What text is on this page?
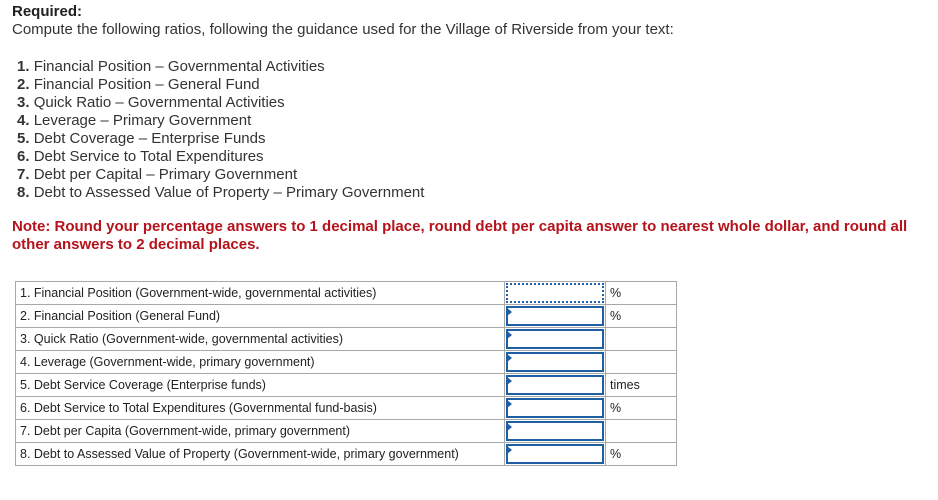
Required:
Compute the following ratios, following the guidance used for the Village of Riverside from your text:
1. Financial Position – Governmental Activities
2. Financial Position – General Fund
3. Quick Ratio – Governmental Activities
4. Leverage – Primary Government
5. Debt Coverage – Enterprise Funds
6. Debt Service to Total Expenditures
7. Debt per Capital – Primary Government
8. Debt to Assessed Value of Property – Primary Government
Note: Round your percentage answers to 1 decimal place, round debt per capita answer to nearest whole dollar, and round all other answers to 2 decimal places.
1. Financial Position (Government-wide, governmental activities)		%
2. Financial Position (General Fund)		%
3. Quick Ratio (Government-wide, governmental activities)	

4. Leverage (Government-wide, primary government)	

5. Debt Service Coverage (Enterprise funds)		times
6. Debt Service to Total Expenditures (Governmental fund-basis)		%
7. Debt per Capita (Government-wide, primary government)	

8. Debt to Assessed Value of Property (Government-wide, primary government)		%
